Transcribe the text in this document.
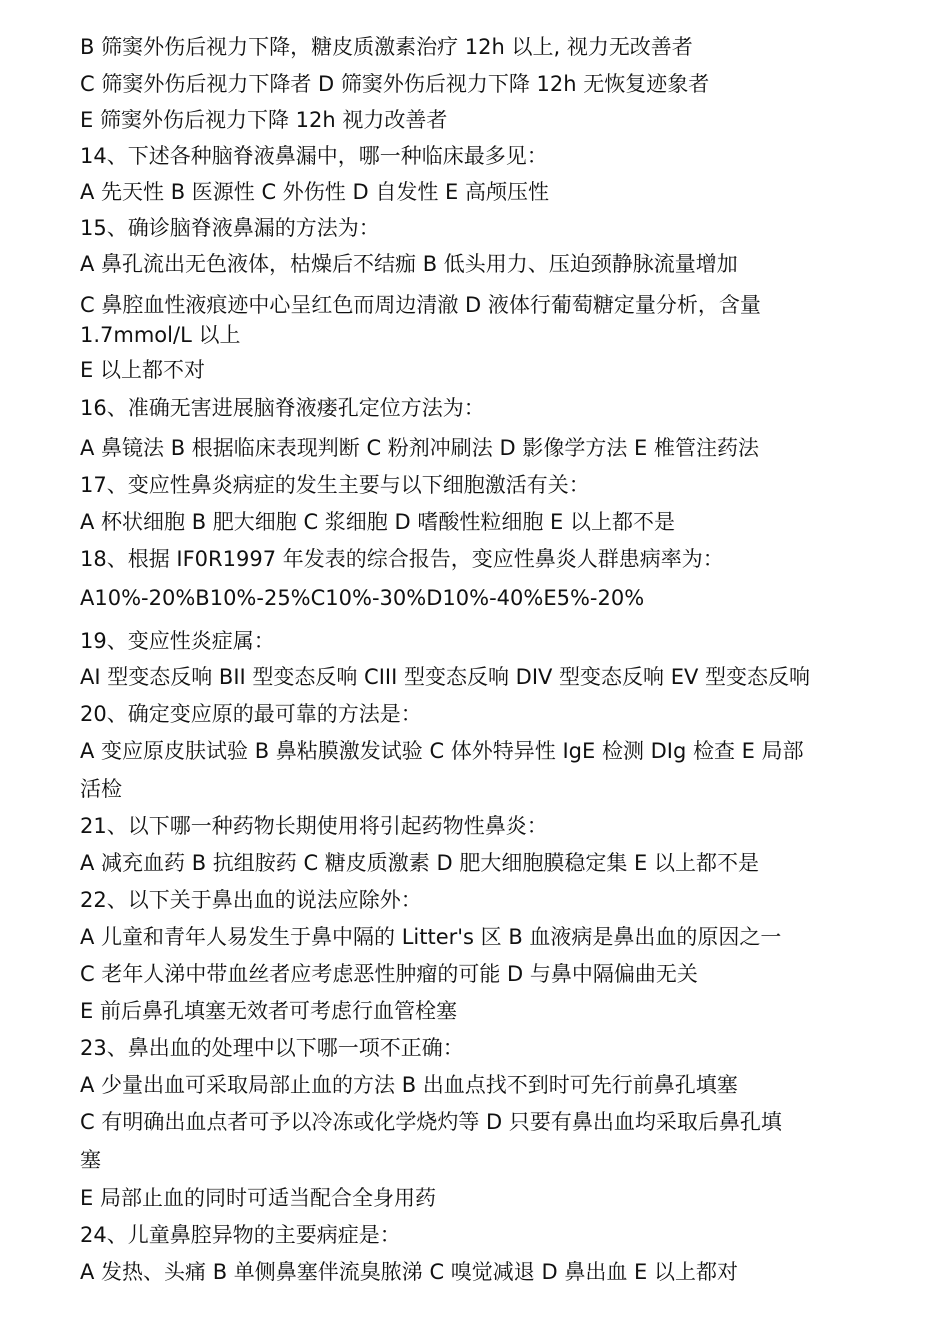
B 筛窦外伤后视力下降，糖皮质激素治疗 12h 以上, 视力无改善者
C 筛窦外伤后视力下降者 D 筛窦外伤后视力下降 12h 无恢复迹象者
E 筛窦外伤后视力下降 12h 视力改善者
14、下述各种脑脊液鼻漏中，哪一种临床最多见：
A 先天性 B 医源性 C 外伤性 D 自发性 E 高颅压性
15、确诊脑脊液鼻漏的方法为：
A 鼻孔流出无色液体，枯燥后不结痂 B 低头用力、压迫颈静脉流量增加
C 鼻腔血性液痕迹中心呈红色而周边清澈 D 液体行葡萄糖定量分析，含量
1.7mmol/L 以上
E 以上都不对
16、准确无害进展脑脊液瘘孔定位方法为：
A 鼻镜法 B 根据临床表现判断 C 粉剂冲刷法 D 影像学方法 E 椎管注药法
17、变应性鼻炎病症的发生主要与以下细胞激活有关：
A 杯状细胞 B 肥大细胞 C 浆细胞 D 嗜酸性粒细胞 E 以上都不是
18、根据 IF0R1997 年发表的综合报告，变应性鼻炎人群患病率为：
A10%-20%B10%-25%C10%-30%D10%-40%E5%-20%
19、变应性炎症属：
AI 型变态反响 BII 型变态反响 CIII 型变态反响 DIV 型变态反响 EV 型变态反响
20、确定变应原的最可靠的方法是：
A 变应原皮肤试验 B 鼻粘膜激发试验 C 体外特异性 IgE 检测 DIg 检查 E 局部
活检
21、以下哪一种药物长期使用将引起药物性鼻炎：
A 减充血药 B 抗组胺药 C 糖皮质激素 D 肥大细胞膜稳定集 E 以上都不是
22、以下关于鼻出血的说法应除外：
A 儿童和青年人易发生于鼻中隔的 Litter's 区 B 血液病是鼻出血的原因之一
C 老年人涕中带血丝者应考虑恶性肿瘤的可能 D 与鼻中隔偏曲无关
E 前后鼻孔填塞无效者可考虑行血管栓塞
23、鼻出血的处理中以下哪一项不正确：
A 少量出血可采取局部止血的方法 B 出血点找不到时可先行前鼻孔填塞
C 有明确出血点者可予以冷冻或化学烧灼等 D 只要有鼻出血均采取后鼻孔填
塞
E 局部止血的同时可适当配合全身用药
24、儿童鼻腔异物的主要病症是：
A 发热、头痛 B 单侧鼻塞伴流臭脓涕 C 嗅觉减退 D 鼻出血 E 以上都对
